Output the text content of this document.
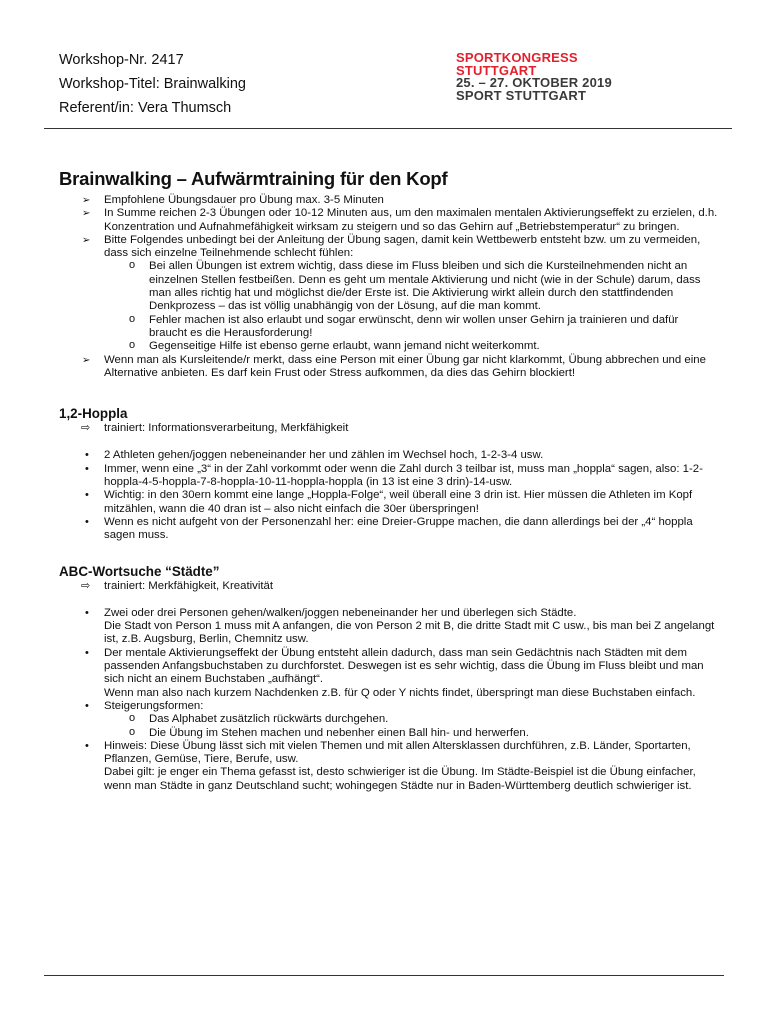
Workshop-Nr. 2417
Workshop-Titel: Brainwalking
Referent/in: Vera Thumsch
SPORTKONGRESS
STUTTGART
25. – 27. OKTOBER 2019
SPORT STUTTGART
Brainwalking – Aufwärmtraining für den Kopf
➢ Empfohlene Übungsdauer pro Übung max. 3-5 Minuten
➢ In Summe reichen 2-3 Übungen oder 10-12 Minuten aus, um den maximalen mentalen Aktivierungseffekt zu erzielen, d.h. Konzentration und Aufnahmefähigkeit wirksam zu steigern und so das Gehirn auf „Betriebstemperatur“ zu bringen.
➢ Bitte Folgendes unbedingt bei der Anleitung der Übung sagen, damit kein Wettbewerb entsteht bzw. um zu vermeiden, dass sich einzelne Teilnehmende schlecht fühlen:
o Bei allen Übungen ist extrem wichtig, dass diese im Fluss bleiben und sich die Kursteilnehmenden nicht an einzelnen Stellen festbeißen. Denn es geht um mentale Aktivierung und nicht (wie in der Schule) darum, dass man alles richtig hat und möglichst die/der Erste ist. Die Aktivierung wirkt allein durch den stattfindenden Denkprozess – das ist völlig unabhängig von der Lösung, auf die man kommt.
o Fehler machen ist also erlaubt und sogar erwünscht, denn wir wollen unser Gehirn ja trainieren und dafür braucht es die Herausforderung!
o Gegenseitige Hilfe ist ebenso gerne erlaubt, wann jemand nicht weiterkommt.
➢ Wenn man als Kursleitende/r merkt, dass eine Person mit einer Übung gar nicht klarkommt, Übung abbrechen und eine Alternative anbieten. Es darf kein Frust oder Stress aufkommen, da dies das Gehirn blockiert!
1,2-Hoppla
⇨ trainiert: Informationsverarbeitung, Merkfähigkeit
• 2 Athleten gehen/joggen nebeneinander her und zählen im Wechsel hoch, 1-2-3-4 usw.
• Immer, wenn eine „3“ in der Zahl vorkommt oder wenn die Zahl durch 3 teilbar ist, muss man „hoppla“ sagen, also: 1-2-hoppla-4-5-hoppla-7-8-hoppla-10-11-hoppla-hoppla (in 13 ist eine 3 drin)-14-usw.
• Wichtig: in den 30ern kommt eine lange „Hoppla-Folge“, weil überall eine 3 drin ist. Hier müssen die Athleten im Kopf mitzählen, wann die 40 dran ist – also nicht einfach die 30er überspringen!
• Wenn es nicht aufgeht von der Personenzahl her: eine Dreier-Gruppe machen, die dann allerdings bei der „4“ hoppla sagen muss.
ABC-Wortsuche “Städte”
⇨ trainiert: Merkfähigkeit, Kreativität
• Zwei oder drei Personen gehen/walken/joggen nebeneinander her und überlegen sich Städte.
Die Stadt von Person 1 muss mit A anfangen, die von Person 2 mit B, die dritte Stadt mit C usw., bis man bei Z angelangt ist, z.B. Augsburg, Berlin, Chemnitz usw.
• Der mentale Aktivierungseffekt der Übung entsteht allein dadurch, dass man sein Gedächtnis nach Städten mit dem passenden Anfangsbuchstaben zu durchforstet. Deswegen ist es sehr wichtig, dass die Übung im Fluss bleibt und man sich nicht an einem Buchstaben „aufhängt“.
Wenn man also nach kurzem Nachdenken z.B. für Q oder Y nichts findet, überspringt man diese Buchstaben einfach.
• Steigerungsformen:
o Das Alphabet zusätzlich rückwärts durchgehen.
o Die Übung im Stehen machen und nebenher einen Ball hin- und herwerfen.
• Hinweis: Diese Übung lässt sich mit vielen Themen und mit allen Altersklassen durchführen, z.B. Länder, Sportarten, Pflanzen, Gemüse, Tiere, Berufe, usw.
Dabei gilt: je enger ein Thema gefasst ist, desto schwieriger ist die Übung. Im Städte-Beispiel ist die Übung einfacher, wenn man Städte in ganz Deutschland sucht; wohingegen Städte nur in Baden-Württemberg deutlich schwieriger ist.
